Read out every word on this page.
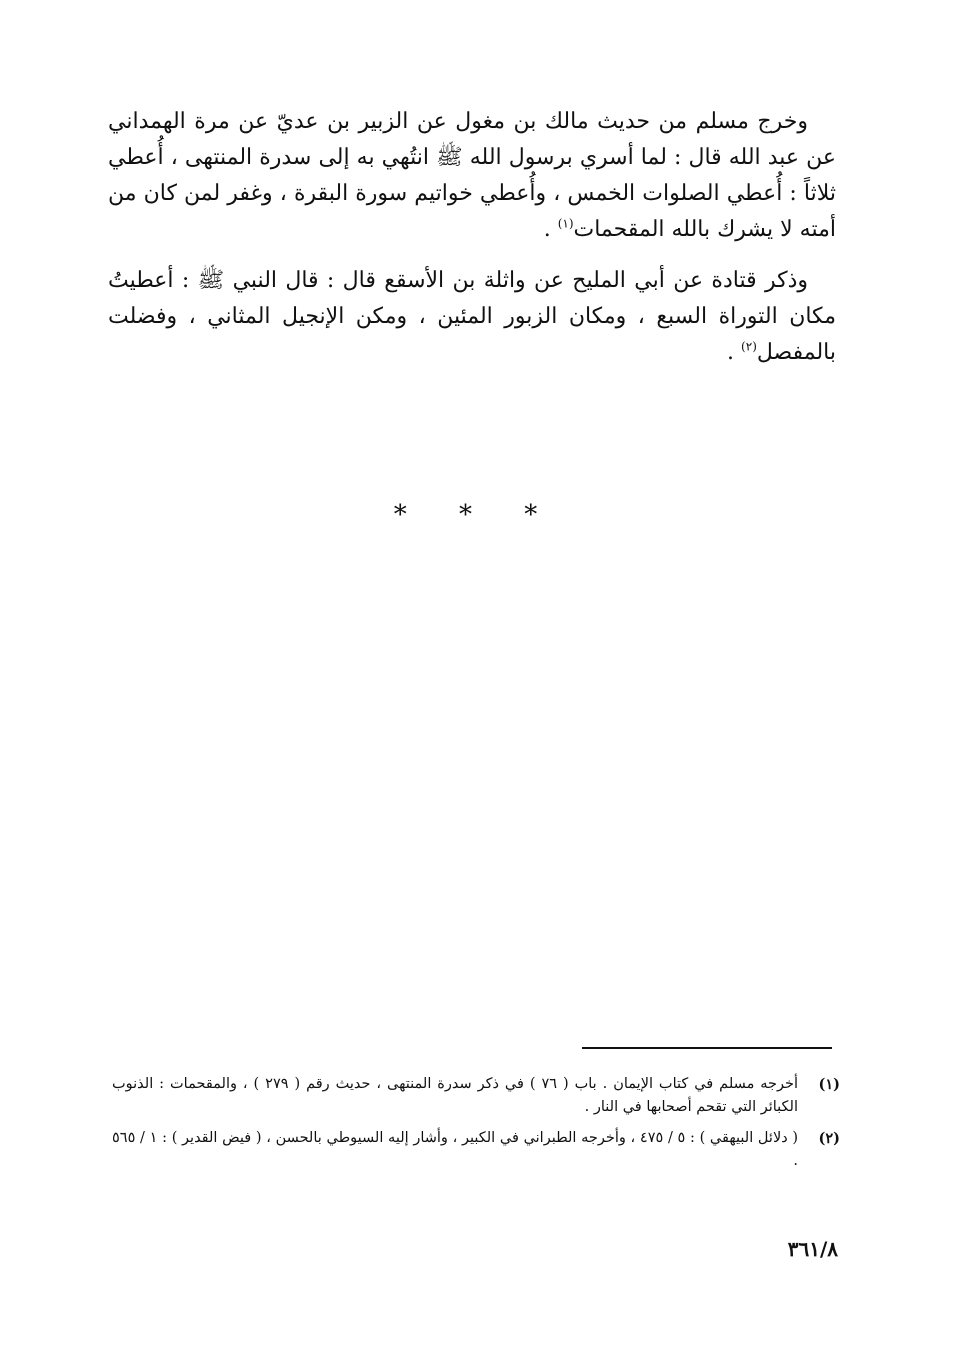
وخرج مسلم من حديث مالك بن مغول عن الزبير بن عديّ عن مرة الهمداني عن عبد الله قال : لما أسري برسول الله ﷺ انتُهي به إلى سدرة المنتهى ، أُعطي ثلاثاً : أُعطي الصلوات الخمس ، وأُعطي خواتيم سورة البقرة ، وغفر لمن كان من أمته لا يشرك بالله المقحمات$^{(١)}$ .

وذكر قتادة عن أبي المليح عن واثلة بن الأسقع قال : قال النبي ﷺ : أعطيتُ مكان التوراة السبع ، ومكان الزبور المئين ، ومكن الإنجيل المثاني ، وفضلت بالمفصل$^{(٢)}$ .

* * *
(١)
أخرجه مسلم في كتاب الإيمان . باب ( ٧٦ ) في ذكر سدرة المنتهى ، حديث رقم ( ٢٧٩ ) ، والمقحمات : الذنوب الكبائر التي تقحم أصحابها في النار .
(٢)
( دلائل البيهقي ) : ٥ / ٤٧٥ ، وأخرجه الطبراني في الكبير ، وأشار إليه السيوطي بالحسن ، ( فيض القدير ) : ١ / ٥٦٥ .
٣٦١/٨
